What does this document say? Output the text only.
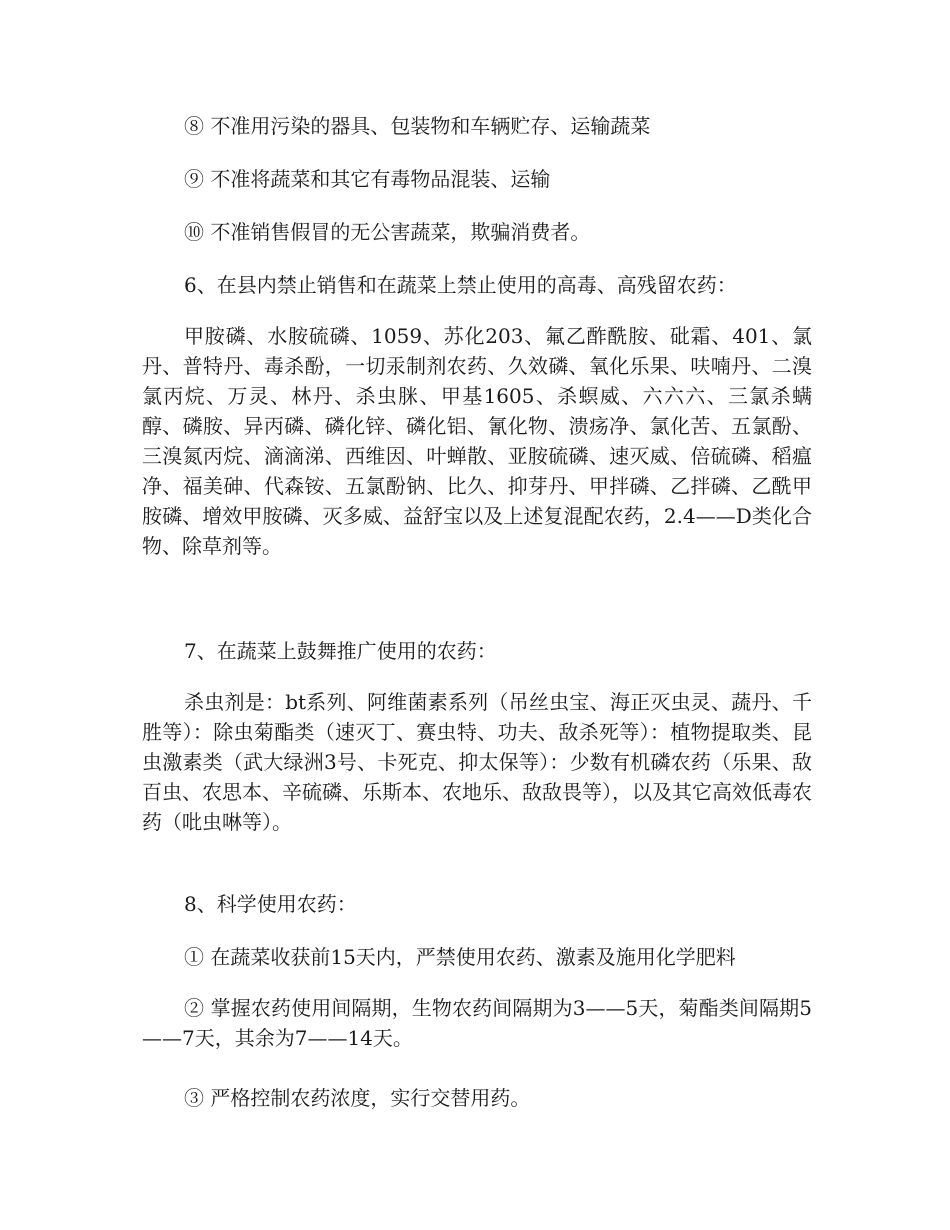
⑧ 不准用污染的器具、包装物和车辆贮存、运输蔬菜

⑨ 不准将蔬菜和其它有毒物品混装、运输

⑩ 不准销售假冒的无公害蔬菜，欺骗消费者。

6、在县内禁止销售和在蔬菜上禁止使用的高毒、高残留农药：

甲胺磷、水胺硫磷、1059、苏化203、氟乙酢酰胺、砒霜、401、氯丹、普特丹、毒杀酚，一切汞制剂农药、久效磷、氧化乐果、呋喃丹、二溴氯丙烷、万灵、林丹、杀虫脒、甲基1605、杀螟威、六六六、三氯杀螨醇、磷胺、异丙磷、磷化锌、磷化铝、氰化物、溃疡净、氯化苦、五氯酚、三溴氮丙烷、滴滴涕、西维因、叶蝉散、亚胺硫磷、速灭威、倍硫磷、稻瘟净、福美砷、代森铵、五氯酚钠、比久、抑芽丹、甲拌磷、乙拌磷、乙酰甲胺磷、增效甲胺磷、灭多威、益舒宝以及上述复混配农药，2.4——D类化合物、除草剂等。

7、在蔬菜上鼓舞推广使用的农药：

杀虫剂是：bt系列、阿维菌素系列（吊丝虫宝、海正灭虫灵、蔬丹、千胜等）：除虫菊酯类（速灭丁、赛虫特、功夫、敌杀死等）：植物提取类、昆虫激素类（武大绿洲3号、卡死克、抑太保等）：少数有机磷农药（乐果、敌百虫、农思本、辛硫磷、乐斯本、农地乐、敌敌畏等），以及其它高效低毒农药（吡虫啉等）。

8、科学使用农药：

① 在蔬菜收获前15天内，严禁使用农药、激素及施用化学肥料

② 掌握农药使用间隔期，生物农药间隔期为3——5天，菊酯类间隔期5——7天，其余为7——14天。

③ 严格控制农药浓度，实行交替用药。
